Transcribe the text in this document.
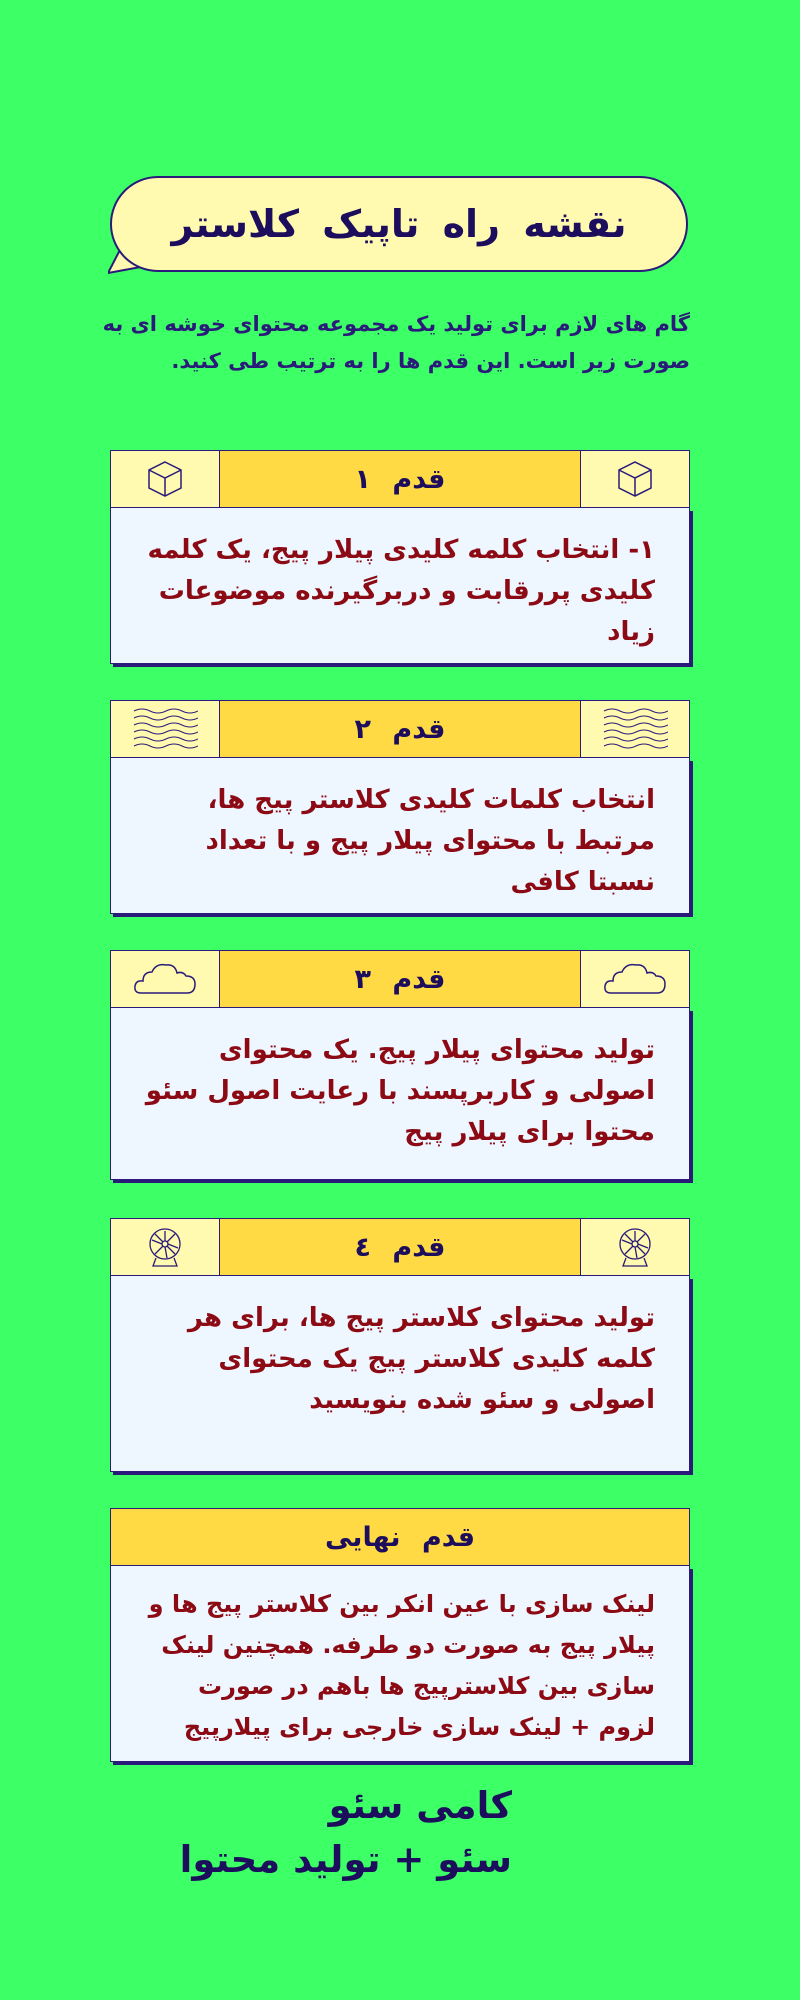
نقشه راه تاپیک کلاستر
گام های لازم برای تولید یک مجموعه محتوای خوشه ای به صورت زیر است. این قدم ها را به ترتیب طی کنید.
قدم ۱
۱- انتخاب کلمه کلیدی پیلار پیج، یک کلمه کلیدی پررقابت و دربرگیرنده موضوعات زیاد
قدم ۲
انتخاب کلمات کلیدی کلاستر پیج ها، مرتبط با محتوای پیلار پیج و با تعداد نسبتا کافی
قدم ۳
تولید محتوای پیلار پیج. یک محتوای اصولی و کاربرپسند با رعایت اصول سئو محتوا برای پیلار پیج
قدم ٤
تولید محتوای کلاستر پیج ها، برای هر کلمه کلیدی کلاستر پیج یک محتوای اصولی و سئو شده بنویسید
قدم نهایی
لینک سازی با عین انکر بین کلاستر پیج ها و پیلار پیج به صورت دو طرفه. همچنین لینک سازی بین کلاسترپیج ها باهم در صورت لزوم + لینک سازی خارجی برای پیلارپیج
کامی سئو
سئو + تولید محتوا
